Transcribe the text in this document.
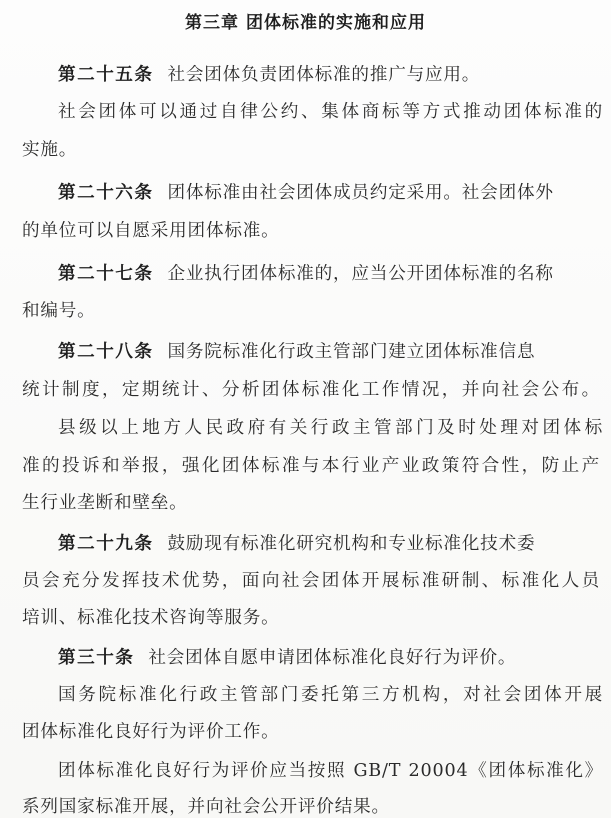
第三章 团体标准的实施和应用
第二十五条 社会团体负责团体标准的推广与应用。
社会团体可以通过自律公约、集体商标等方式推动团体标准的
实施。
第二十六条 团体标准由社会团体成员约定采用。社会团体外
的单位可以自愿采用团体标准。
第二十七条 企业执行团体标准的，应当公开团体标准的名称
和编号。
第二十八条 国务院标准化行政主管部门建立团体标准信息
统计制度，定期统计、分析团体标准化工作情况，并向社会公布。
县级以上地方人民政府有关行政主管部门及时处理对团体标
准的投诉和举报，强化团体标准与本行业产业政策符合性，防止产
生行业垄断和壁垒。
第二十九条 鼓励现有标准化研究机构和专业标准化技术委
员会充分发挥技术优势，面向社会团体开展标准研制、标准化人员
培训、标准化技术咨询等服务。
第三十条 社会团体自愿申请团体标准化良好行为评价。
国务院标准化行政主管部门委托第三方机构，对社会团体开展
团体标准化良好行为评价工作。
团体标准化良好行为评价应当按照 GB/T 20004《团体标准化》
系列国家标准开展，并向社会公开评价结果。
